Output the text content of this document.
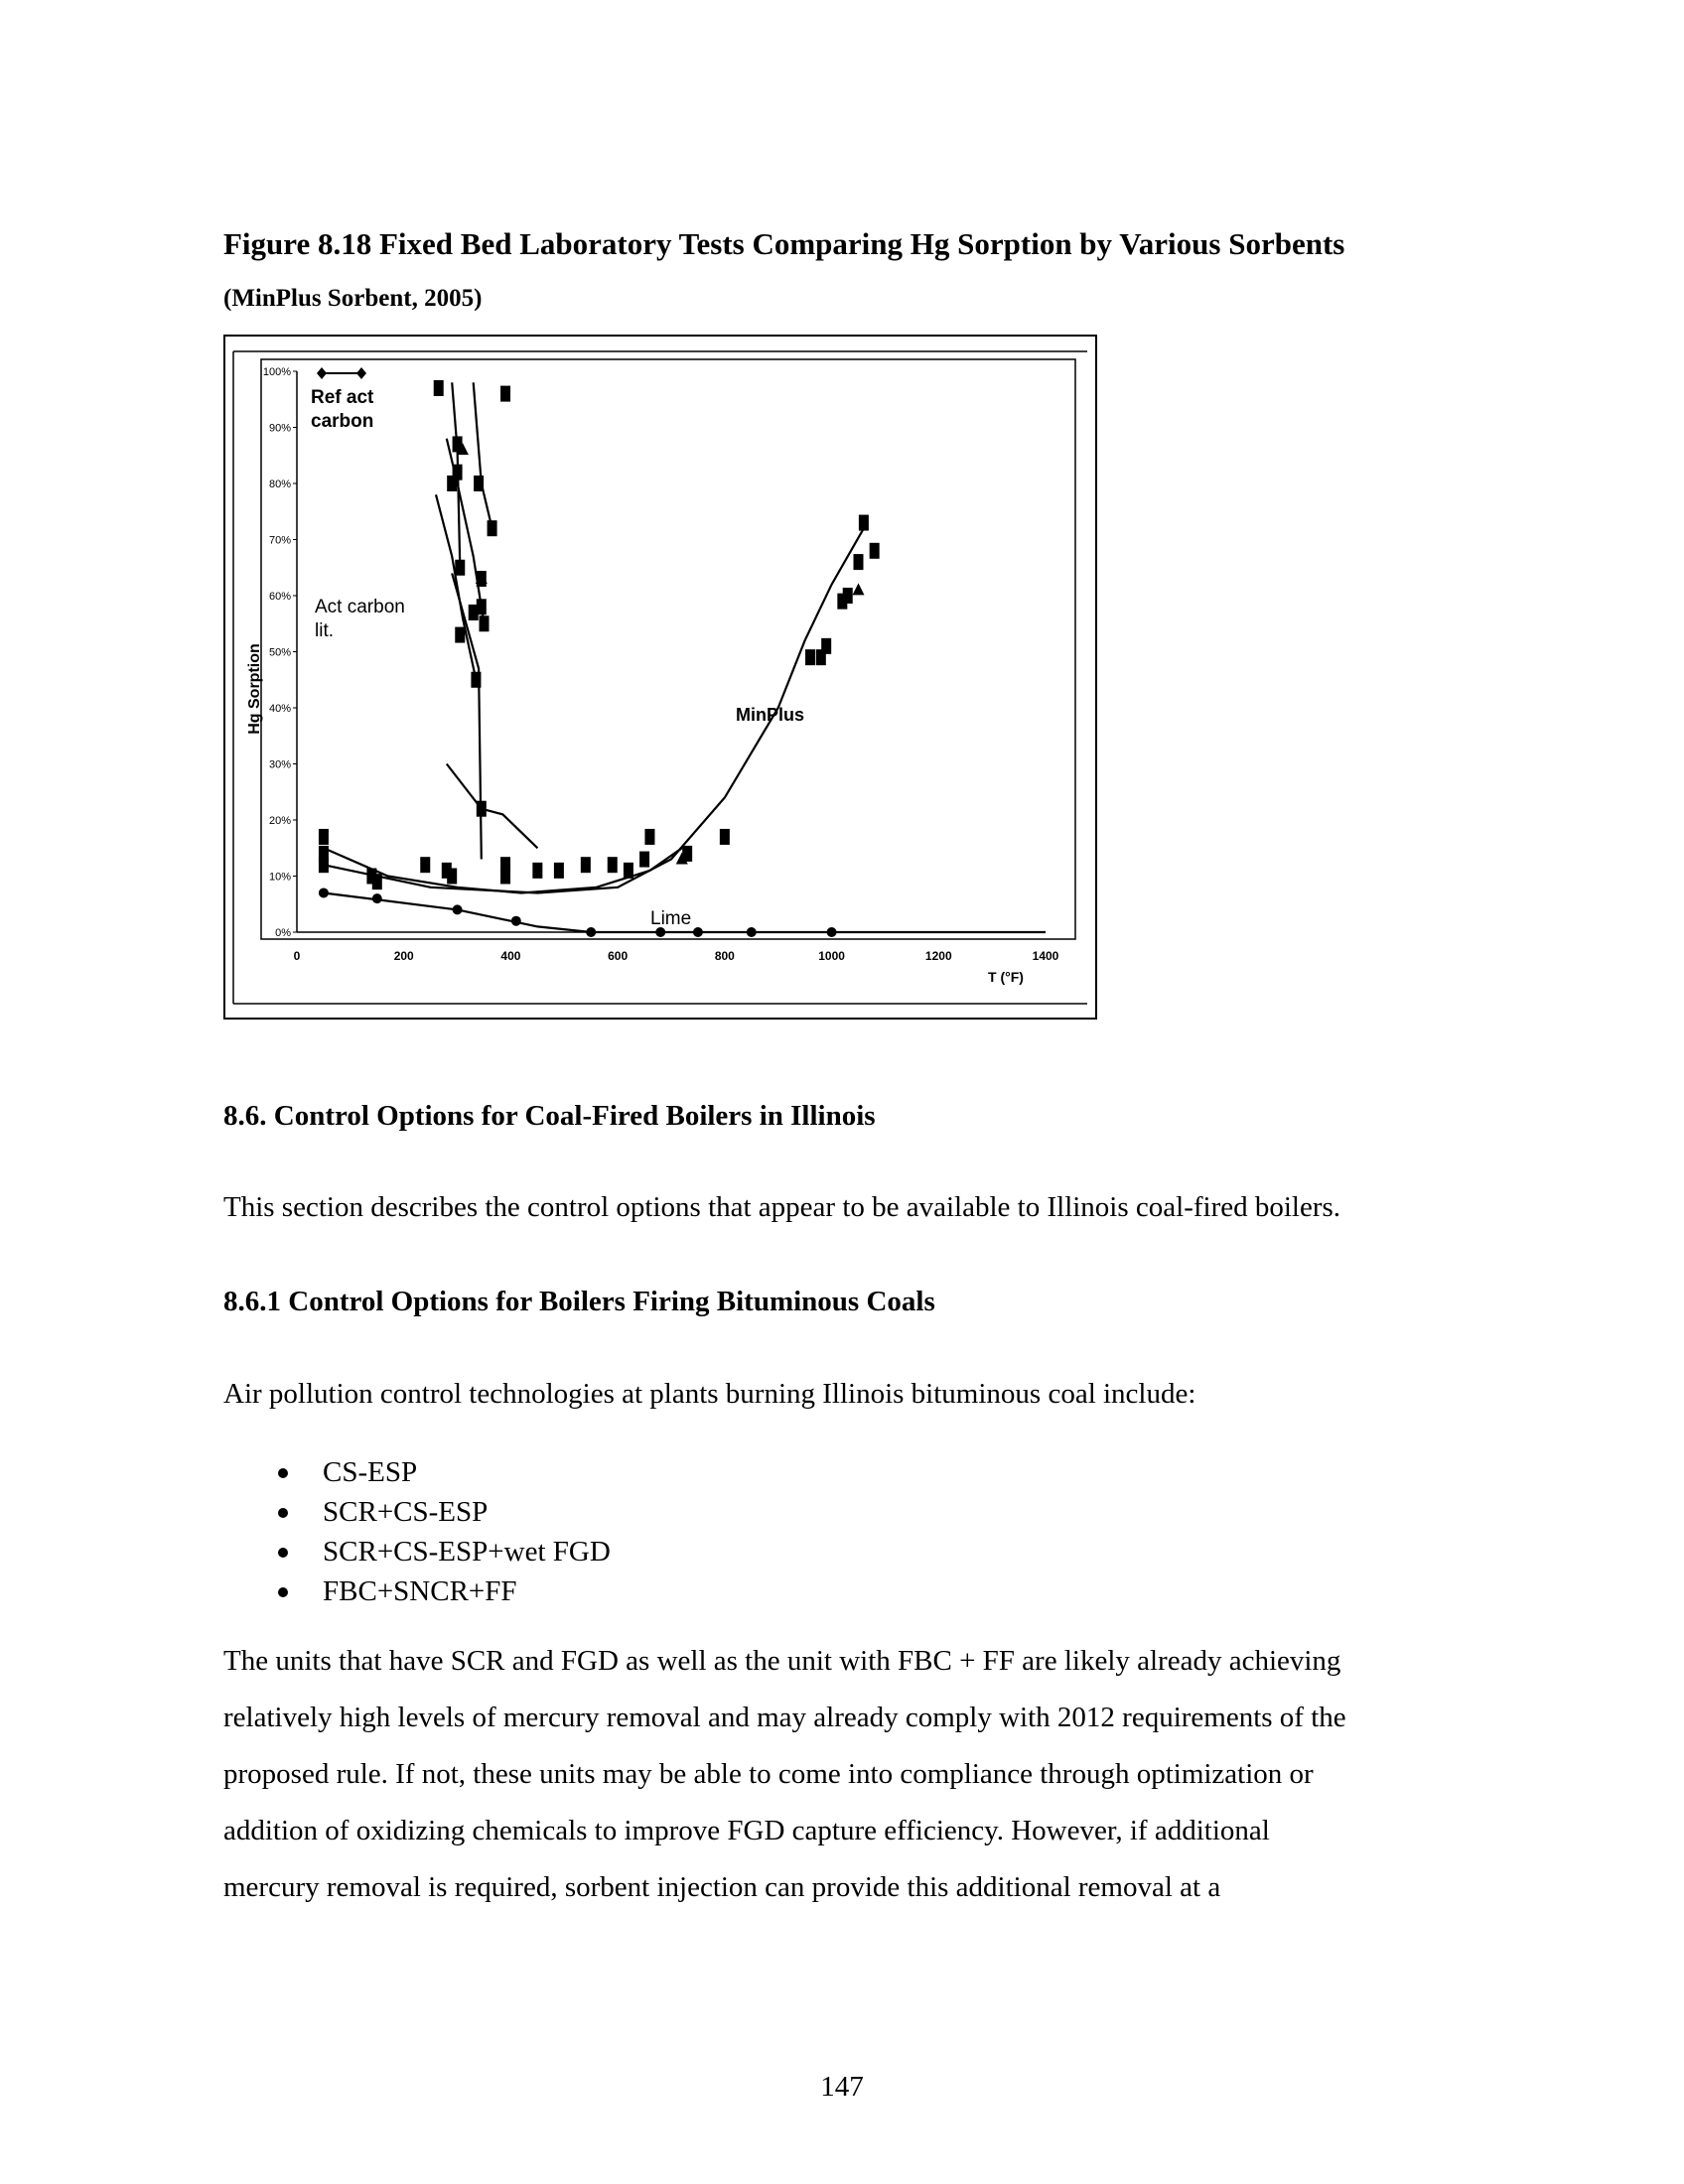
Figure 8.18 Fixed Bed Laboratory Tests Comparing Hg Sorption by Various Sorbents
(MinPlus Sorbent, 2005)
0%
10%
20%
30%
40%
50%
60%
70%
80%
90%
100%
0	200	400	600	800	1000	1200	1400
Hg Sorption
T (°F)
Ref act
carbon
Act carbon
lit.
MinPlus
Lime
8.6. Control Options for Coal-Fired Boilers in Illinois
This section describes the control options that appear to be available to Illinois coal-fired boilers.
8.6.1 Control Options for Boilers Firing Bituminous Coals
Air pollution control technologies at plants burning Illinois bituminous coal include:
CS-ESP
SCR+CS-ESP
SCR+CS-ESP+wet FGD
FBC+SNCR+FF
The units that have SCR and FGD as well as the unit with FBC + FF are likely already achieving
relatively high levels of mercury removal and may already comply with 2012 requirements of the
proposed rule. If not, these units may be able to come into compliance through optimization or
addition of oxidizing chemicals to improve FGD capture efficiency. However, if additional
mercury removal is required, sorbent injection can provide this additional removal at a
147
